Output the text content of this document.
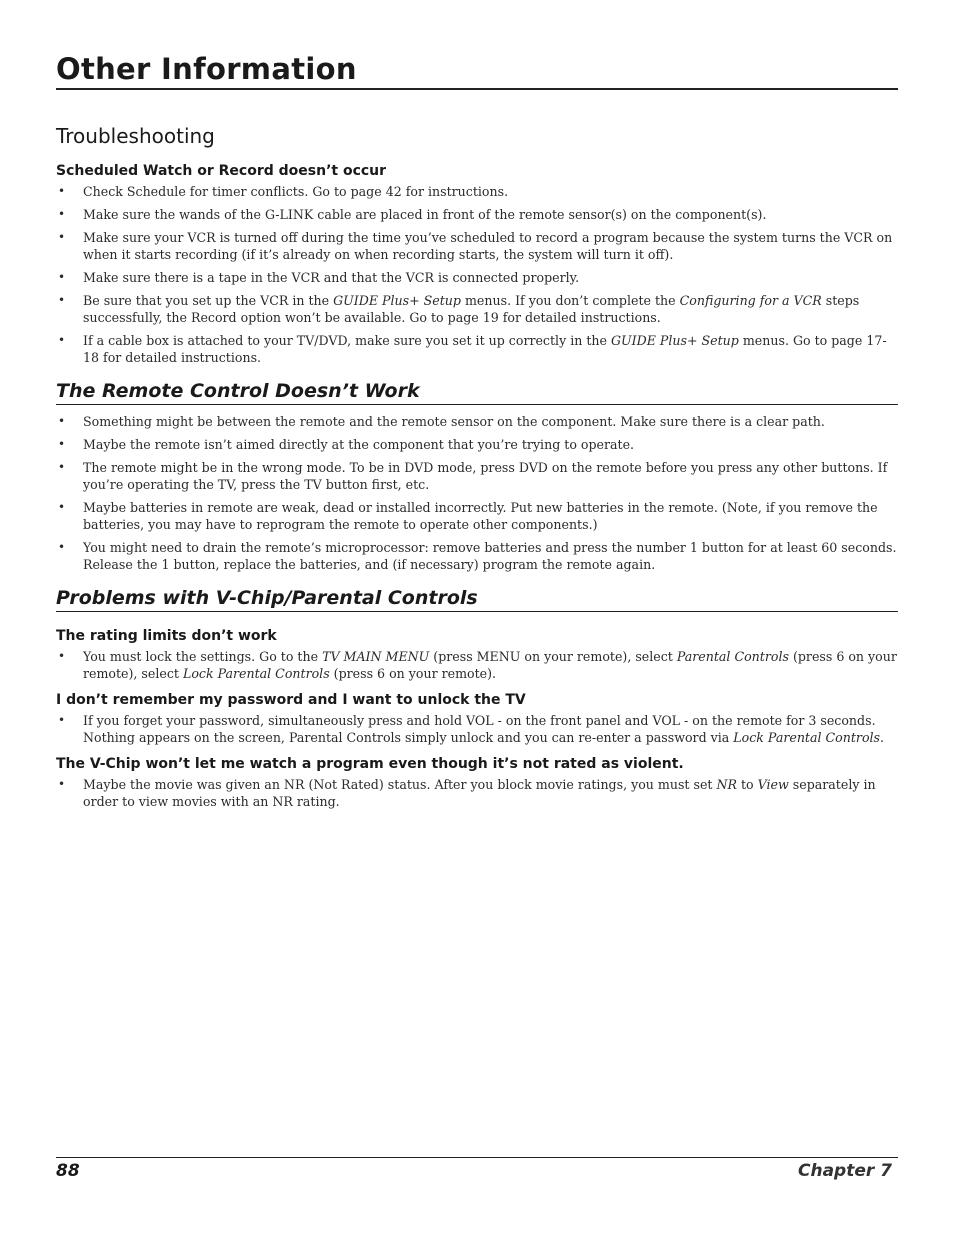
Other Information
Troubleshooting
Scheduled Watch or Record doesn’t occur
• Check Schedule for timer conflicts. Go to page 42 for instructions.
• Make sure the wands of the G-LINK cable are placed in front of the remote sensor(s) on the component(s).
• Make sure your VCR is turned off during the time you’ve scheduled to record a program because the system turns the VCR on when it starts recording (if it’s already on when recording starts, the system will turn it off).
• Make sure there is a tape in the VCR and that the VCR is connected properly.
• Be sure that you set up the VCR in the GUIDE Plus+ Setup menus. If you don’t complete the Configuring for a VCR steps successfully, the Record option won’t be available. Go to page 19 for detailed instructions.
• If a cable box is attached to your TV/DVD, make sure you set it up correctly in the GUIDE Plus+ Setup menus. Go to page 17-18 for detailed instructions.
The Remote Control Doesn’t Work
• Something might be between the remote and the remote sensor on the component. Make sure there is a clear path.
• Maybe the remote isn’t aimed directly at the component that you’re trying to operate.
• The remote might be in the wrong mode. To be in DVD mode, press DVD on the remote before you press any other buttons. If you’re operating the TV, press the TV button first, etc.
• Maybe batteries in remote are weak, dead or installed incorrectly. Put new batteries in the remote. (Note, if you remove the batteries, you may have to reprogram the remote to operate other components.)
• You might need to drain the remote’s microprocessor: remove batteries and press the number 1 button for at least 60 seconds. Release the 1 button, replace the batteries, and (if necessary) program the remote again.
Problems with V-Chip/Parental Controls
The rating limits don’t work
• You must lock the settings. Go to the TV MAIN MENU (press MENU on your remote), select Parental Controls (press 6 on your remote), select Lock Parental Controls (press 6 on your remote).
I don’t remember my password and I want to unlock the TV
• If you forget your password, simultaneously press and hold VOL - on the front panel and VOL - on the remote for 3 seconds. Nothing appears on the screen, Parental Controls simply unlock and you can re-enter a password via Lock Parental Controls.
The V-Chip won’t let me watch a program even though it’s not rated as violent.
• Maybe the movie was given an NR (Not Rated) status. After you block movie ratings, you must set NR to View separately in order to view movies with an NR rating.
88	Chapter 7
